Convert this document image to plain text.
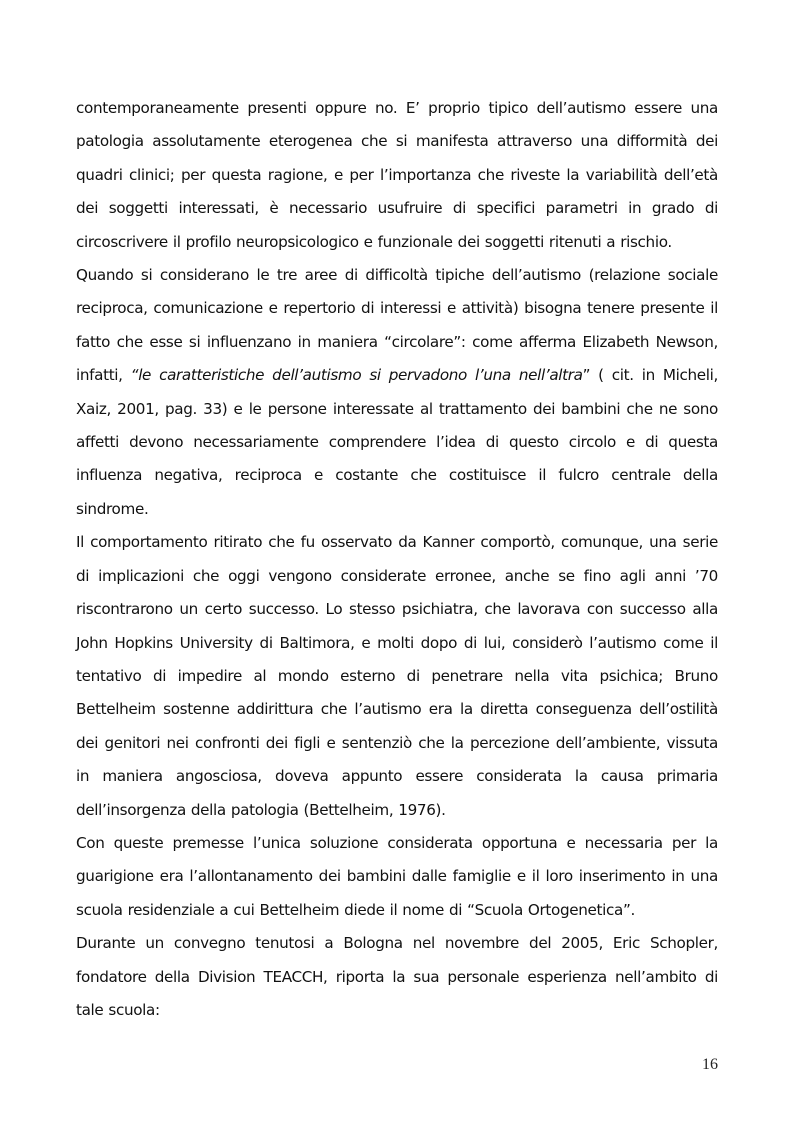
contemporaneamente presenti oppure no. E’ proprio tipico dell’autismo essere una patologia assolutamente eterogenea che si manifesta attraverso una difformità dei quadri clinici; per questa ragione, e per l’importanza che riveste la variabilità dell’età dei soggetti interessati, è necessario usufruire di specifici parametri in grado di circoscrivere il profilo neuropsicologico e funzionale dei soggetti ritenuti a rischio.

Quando si considerano le tre aree di difficoltà tipiche dell’autismo (relazione sociale reciproca, comunicazione e repertorio di interessi e attività) bisogna tenere presente il fatto che esse si influenzano in maniera “circolare”: come afferma Elizabeth Newson, infatti, “le caratteristiche dell’autismo si pervadono l’una nell’altra” ( cit. in Micheli, Xaiz, 2001, pag. 33) e le persone interessate al trattamento dei bambini che ne sono affetti devono necessariamente comprendere l’idea di questo circolo e di questa influenza negativa, reciproca e costante che costituisce il fulcro centrale della sindrome.

Il comportamento ritirato che fu osservato da Kanner comportò, comunque, una serie di implicazioni che oggi vengono considerate erronee, anche se fino agli anni ’70 riscontrarono un certo successo. Lo stesso psichiatra, che lavorava con successo alla John Hopkins University di Baltimora, e molti dopo di lui, considerò l’autismo come il tentativo di impedire al mondo esterno di penetrare nella vita psichica; Bruno Bettelheim sostenne addirittura che l’autismo era la diretta conseguenza dell’ostilità dei genitori nei confronti dei figli e sentenziò che la percezione dell’ambiente, vissuta in maniera angosciosa, doveva appunto essere considerata la causa primaria dell’insorgenza della patologia (Bettelheim, 1976).

Con queste premesse l’unica soluzione considerata opportuna e necessaria per la guarigione era l’allontanamento dei bambini dalle famiglie e il loro inserimento in una scuola residenziale a cui Bettelheim diede il nome di “Scuola Ortogenetica”.

Durante un convegno tenutosi a Bologna nel novembre del 2005, Eric Schopler, fondatore della Division TEACCH, riporta la sua personale esperienza nell’ambito di tale scuola:

16
